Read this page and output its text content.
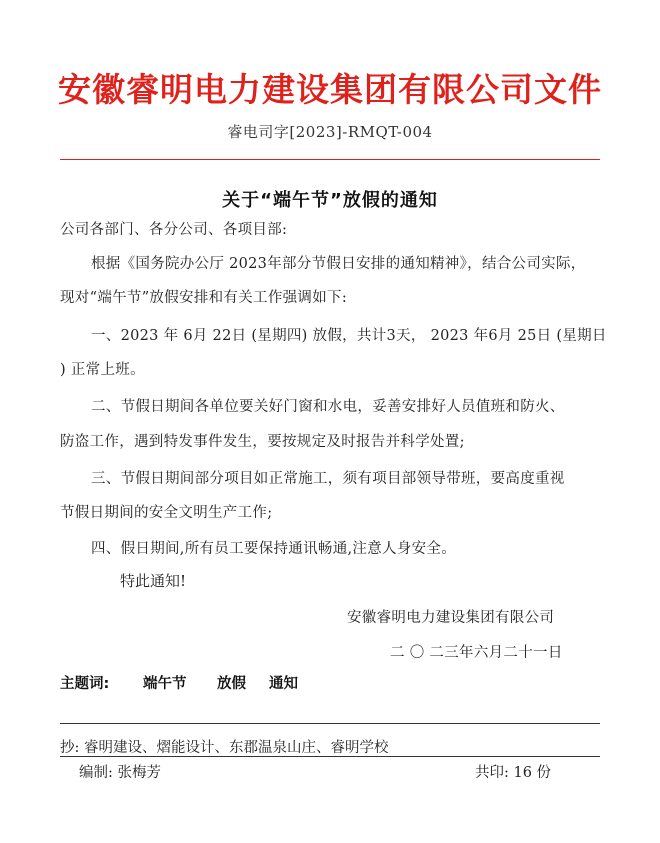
安徽睿明电力建设集团有限公司文件
睿电司字[2023]-RMQT-004
关于“端午节”放假的通知
公司各部门、各分公司、各项目部:
根据《国务院办公厅 2023年部分节假日安排的通知精神》，结合公司实际，
现对“端午节”放假安排和有关工作强调如下:
一、2023 年 6月 22日 (星期四) 放假，共计3天， 2023 年6月 25日 (星期日
) 正常上班。
二、节假日期间各单位要关好门窗和水电，妥善安排好人员值班和防火、
防盗工作，遇到特发事件发生，要按规定及时报告并科学处置;
三、节假日期间部分项目如正常施工，须有项目部领导带班，要高度重视
节假日期间的安全文明生产工作;
四、假日期间,所有员工要保持通讯畅通,注意人身安全。
特此通知!
安徽睿明电力建设集团有限公司
二 〇 二三年六月二十一日
主题词: 端午节 放假 通知
抄: 睿明建设、熠能设计、东郡温泉山庄、睿明学校
编制: 张梅芳	共印: 16 份
